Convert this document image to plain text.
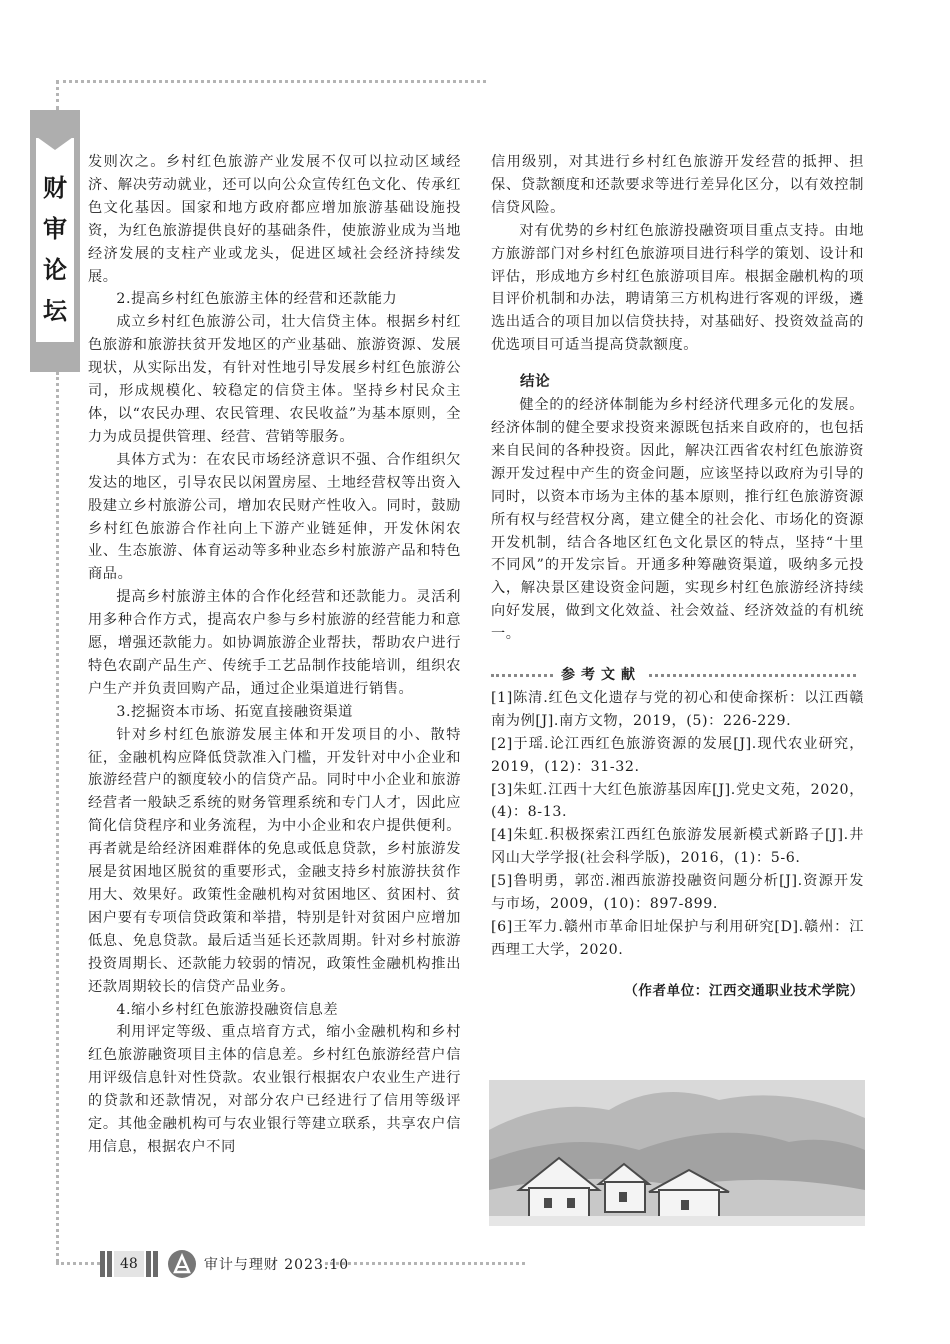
财
审
论
坛

发则次之。乡村红色旅游产业发展不仅可以拉动区域经济、解决劳动就业，还可以向公众宣传红色文化、传承红色文化基因。国家和地方政府都应增加旅游基础设施投资，为红色旅游提供良好的基础条件，使旅游业成为当地经济发展的支柱产业或龙头，促进区域社会经济持续发展。

2.提高乡村红色旅游主体的经营和还款能力

成立乡村红色旅游公司，壮大信贷主体。根据乡村红色旅游和旅游扶贫开发地区的产业基础、旅游资源、发展现状，从实际出发，有针对性地引导发展乡村红色旅游公司，形成规模化、较稳定的信贷主体。坚持乡村民众主体，以“农民办理、农民管理、农民收益”为基本原则，全力为成员提供管理、经营、营销等服务。

具体方式为：在农民市场经济意识不强、合作组织欠发达的地区，引导农民以闲置房屋、土地经营权等出资入股建立乡村旅游公司，增加农民财产性收入。同时，鼓励乡村红色旅游合作社向上下游产业链延伸，开发休闲农业、生态旅游、体育运动等多种业态乡村旅游产品和特色商品。

提高乡村旅游主体的合作化经营和还款能力。灵活利用多种合作方式，提高农户参与乡村旅游的经营能力和意愿，增强还款能力。如协调旅游企业帮扶，帮助农户进行特色农副产品生产、传统手工艺品制作技能培训，组织农户生产并负责回购产品，通过企业渠道进行销售。

3.挖掘资本市场、拓宽直接融资渠道

针对乡村红色旅游发展主体和开发项目的小、散特征，金融机构应降低贷款准入门槛，开发针对中小企业和旅游经营户的额度较小的信贷产品。同时中小企业和旅游经营者一般缺乏系统的财务管理系统和专门人才，因此应简化信贷程序和业务流程，为中小企业和农户提供便利。再者就是给经济困难群体的免息或低息贷款，乡村旅游发展是贫困地区脱贫的重要形式，金融支持乡村旅游扶贫作用大、效果好。政策性金融机构对贫困地区、贫困村、贫困户要有专项信贷政策和举措，特别是针对贫困户应增加低息、免息贷款。最后适当延长还款周期。针对乡村旅游投资周期长、还款能力较弱的情况，政策性金融机构推出还款周期较长的信贷产品业务。

4.缩小乡村红色旅游投融资信息差

利用评定等级、重点培育方式，缩小金融机构和乡村红色旅游融资项目主体的信息差。乡村红色旅游经营户信用评级信息针对性贷款。农业银行根据农户农业生产进行的贷款和还款情况，对部分农户已经进行了信用等级评定。其他金融机构可与农业银行等建立联系，共享农户信用信息，根据农户不同

信用级别，对其进行乡村红色旅游开发经营的抵押、担保、贷款额度和还款要求等进行差异化区分，以有效控制信贷风险。

对有优势的乡村红色旅游投融资项目重点支持。由地方旅游部门对乡村红色旅游项目进行科学的策划、设计和评估，形成地方乡村红色旅游项目库。根据金融机构的项目评价机制和办法，聘请第三方机构进行客观的评级，遴选出适合的项目加以信贷扶持，对基础好、投资效益高的优选项目可适当提高贷款额度。

结论

健全的的经济体制能为乡村经济代理多元化的发展。经济体制的健全要求投资来源既包括来自政府的，也包括来自民间的各种投资。因此，解决江西省农村红色旅游资源开发过程中产生的资金问题，应该坚持以政府为引导的同时，以资本市场为主体的基本原则，推行红色旅游资源所有权与经营权分离，建立健全的社会化、市场化的资源开发机制，结合各地区红色文化景区的特点，坚持“十里不同风”的开发宗旨。开通多种筹融资渠道，吸纳多元投入，解决景区建设资金问题，实现乡村红色旅游经济持续向好发展，做到文化效益、社会效益、经济效益的有机统一。

参考文献

[1]陈清.红色文化遗存与党的初心和使命探析：以江西赣南为例[J].南方文物，2019，(5)：226-229.

[2]于瑶.论江西红色旅游资源的发展[J].现代农业研究，2019，(12)：31-32.

[3]朱虹.江西十大红色旅游基因库[J].党史文苑，2020，(4)：8-13.

[4]朱虹.积极探索江西红色旅游发展新模式新路子[J].井冈山大学学报(社会科学版)，2016，(1)：5-6.

[5]鲁明勇，郭峦.湘西旅游投融资问题分析[J].资源开发与市场，2009，(10)：897-899.

[6]王军力.赣州市革命旧址保护与利用研究[D].赣州：江西理工大学，2020.

（作者单位：江西交通职业技术学院）

48	审计与理财 2023.10
